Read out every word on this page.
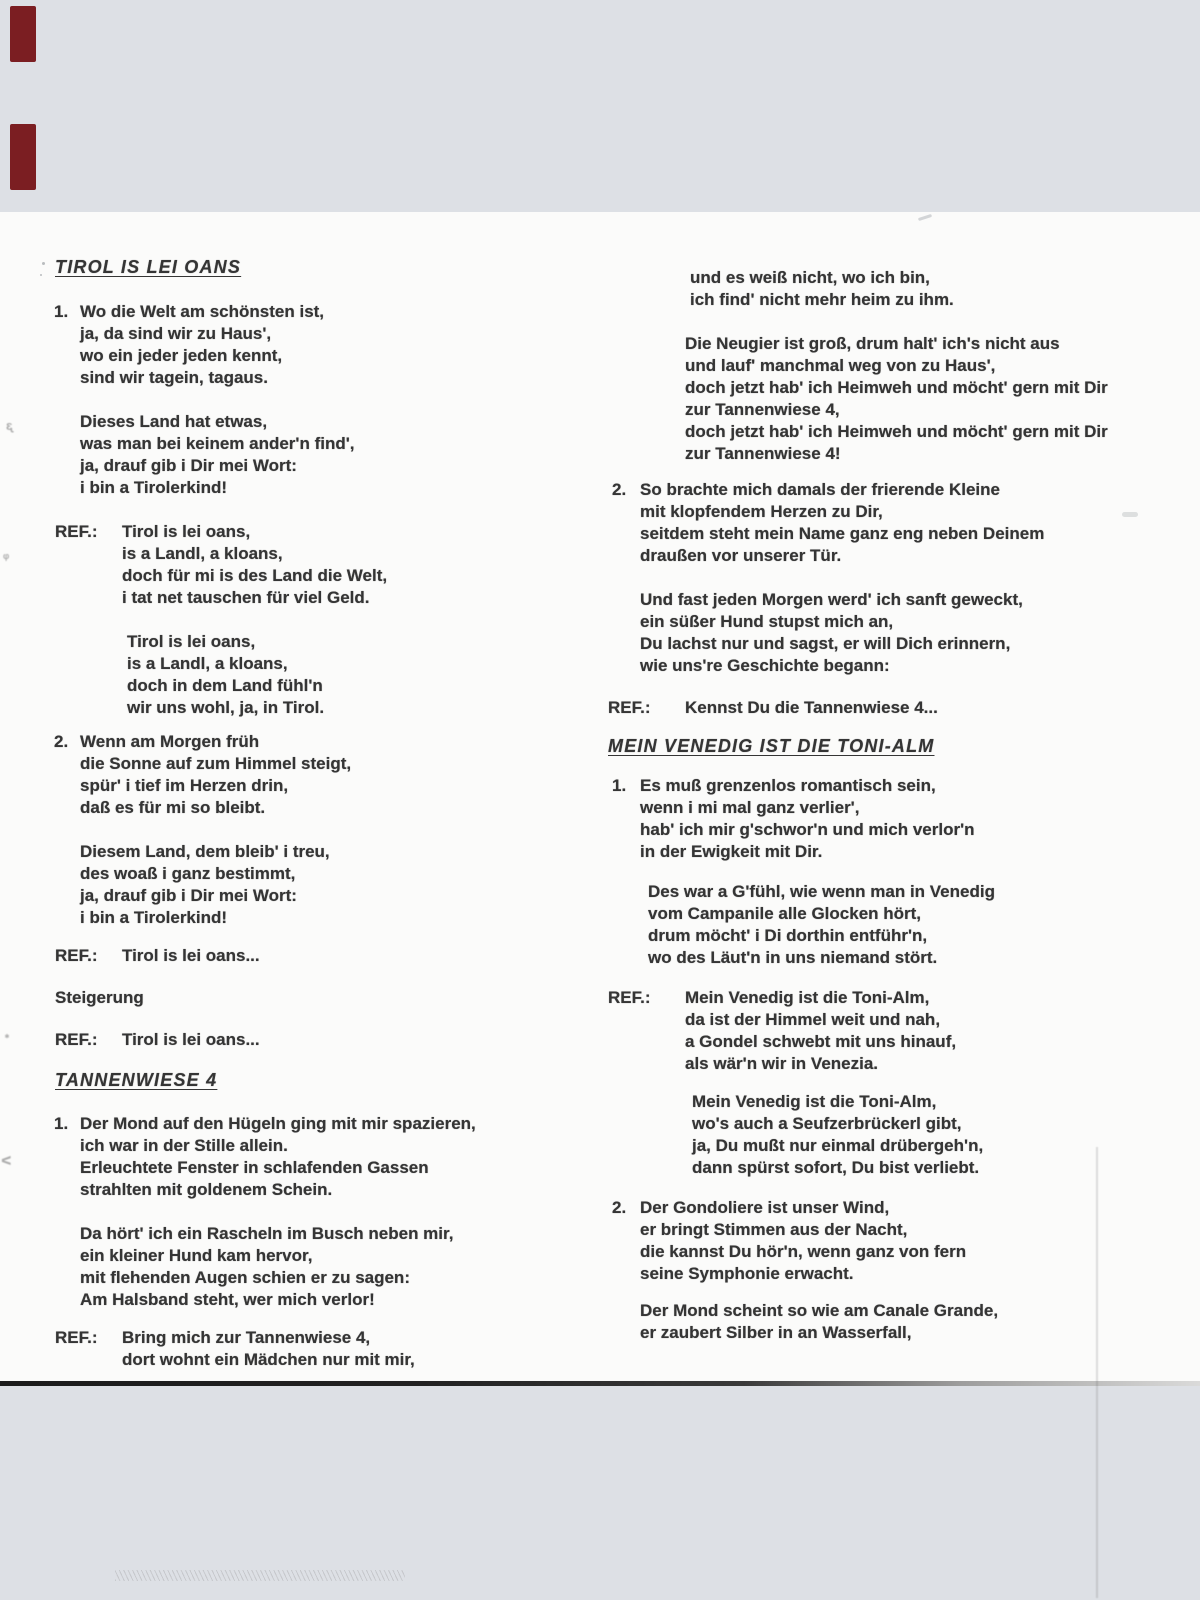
TIROL IS LEI OANS
1. Wo die Welt am schönsten ist,
ja, da sind wir zu Haus',
wo ein jeder jeden kennt,
sind wir tagein, tagaus.
Dieses Land hat etwas,
was man bei keinem ander'n find',
ja, drauf gib i Dir mei Wort:
i bin a Tirolerkind!
REF.: Tirol is lei oans,
is a Landl, a kloans,
doch für mi is des Land die Welt,
i tat net tauschen für viel Geld.
Tirol is lei oans,
is a Landl, a kloans,
doch in dem Land fühl'n
wir uns wohl, ja, in Tirol.
2. Wenn am Morgen früh
die Sonne auf zum Himmel steigt,
spür' i tief im Herzen drin,
daß es für mi so bleibt.
Diesem Land, dem bleib' i treu,
des woaß i ganz bestimmt,
ja, drauf gib i Dir mei Wort:
i bin a Tirolerkind!
REF.: Tirol is lei oans...
Steigerung
REF.: Tirol is lei oans...
TANNENWIESE 4
1. Der Mond auf den Hügeln ging mit mir spazieren,
ich war in der Stille allein.
Erleuchtete Fenster in schlafenden Gassen
strahlten mit goldenem Schein.
Da hört' ich ein Rascheln im Busch neben mir,
ein kleiner Hund kam hervor,
mit flehenden Augen schien er zu sagen:
Am Halsband steht, wer mich verlor!
REF.: Bring mich zur Tannenwiese 4,
dort wohnt ein Mädchen nur mit mir,
und es weiß nicht, wo ich bin,
ich find' nicht mehr heim zu ihm.
Die Neugier ist groß, drum halt' ich's nicht aus
und lauf' manchmal weg von zu Haus',
doch jetzt hab' ich Heimweh und möcht' gern mit Dir
zur Tannenwiese 4,
doch jetzt hab' ich Heimweh und möcht' gern mit Dir
zur Tannenwiese 4!
2. So brachte mich damals der frierende Kleine
mit klopfendem Herzen zu Dir,
seitdem steht mein Name ganz eng neben Deinem
draußen vor unserer Tür.
Und fast jeden Morgen werd' ich sanft geweckt,
ein süßer Hund stupst mich an,
Du lachst nur und sagst, er will Dich erinnern,
wie uns're Geschichte begann:
REF.: Kennst Du die Tannenwiese 4...
MEIN VENEDIG IST DIE TONI-ALM
1. Es muß grenzenlos romantisch sein,
wenn i mi mal ganz verlier',
hab' ich mir g'schwor'n und mich verlor'n
in der Ewigkeit mit Dir.
Des war a G'fühl, wie wenn man in Venedig
vom Campanile alle Glocken hört,
drum möcht' i Di dorthin entführ'n,
wo des Läut'n in uns niemand stört.
REF.: Mein Venedig ist die Toni-Alm,
da ist der Himmel weit und nah,
a Gondel schwebt mit uns hinauf,
als wär'n wir in Venezia.
Mein Venedig ist die Toni-Alm,
wo's auch a Seufzerbrückerl gibt,
ja, Du mußt nur einmal drübergeh'n,
dann spürst sofort, Du bist verliebt.
2. Der Gondoliere ist unser Wind,
er bringt Stimmen aus der Nacht,
die kannst Du hör'n, wenn ganz von fern
seine Symphonie erwacht.
Der Mond scheint so wie am Canale Grande,
er zaubert Silber in an Wasserfall,
ᶓ
ᵠ
﹡
ᐸ
